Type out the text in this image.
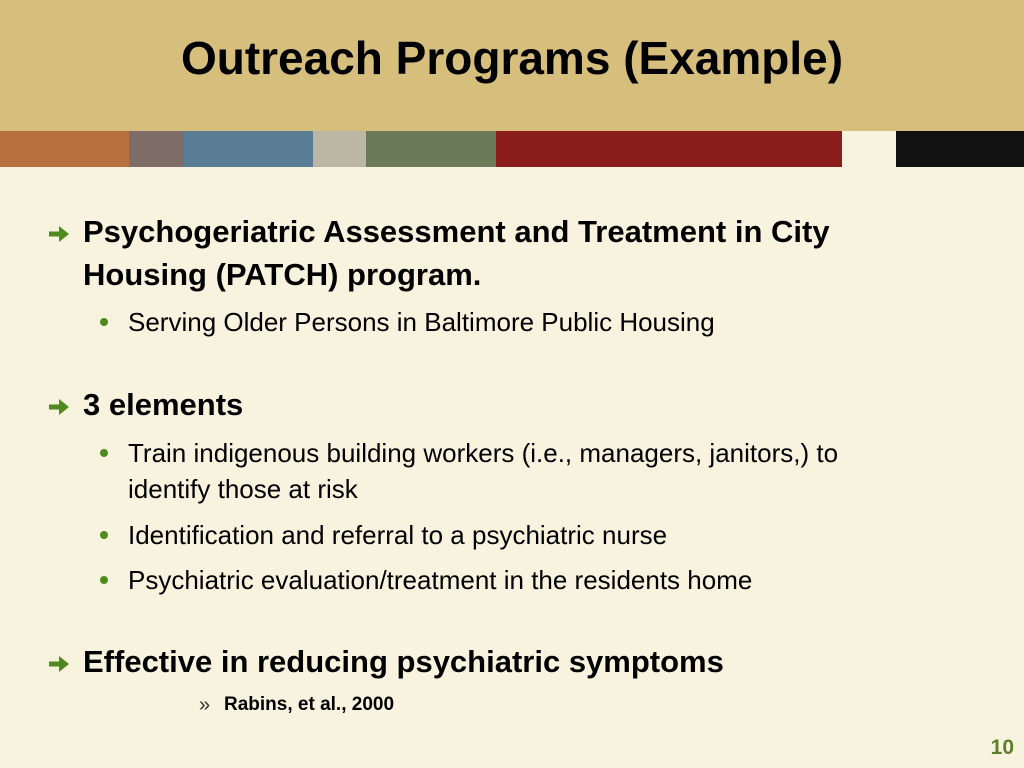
Outreach Programs (Example)
Psychogeriatric Assessment and Treatment in City
Housing (PATCH) program.
Serving Older Persons in Baltimore Public Housing
3 elements
Train indigenous building workers (i.e., managers, janitors,) to
identify those at risk
Identification and referral to a psychiatric nurse
Psychiatric evaluation/treatment in the residents home
Effective in reducing psychiatric symptoms
» Rabins, et al., 2000
10
